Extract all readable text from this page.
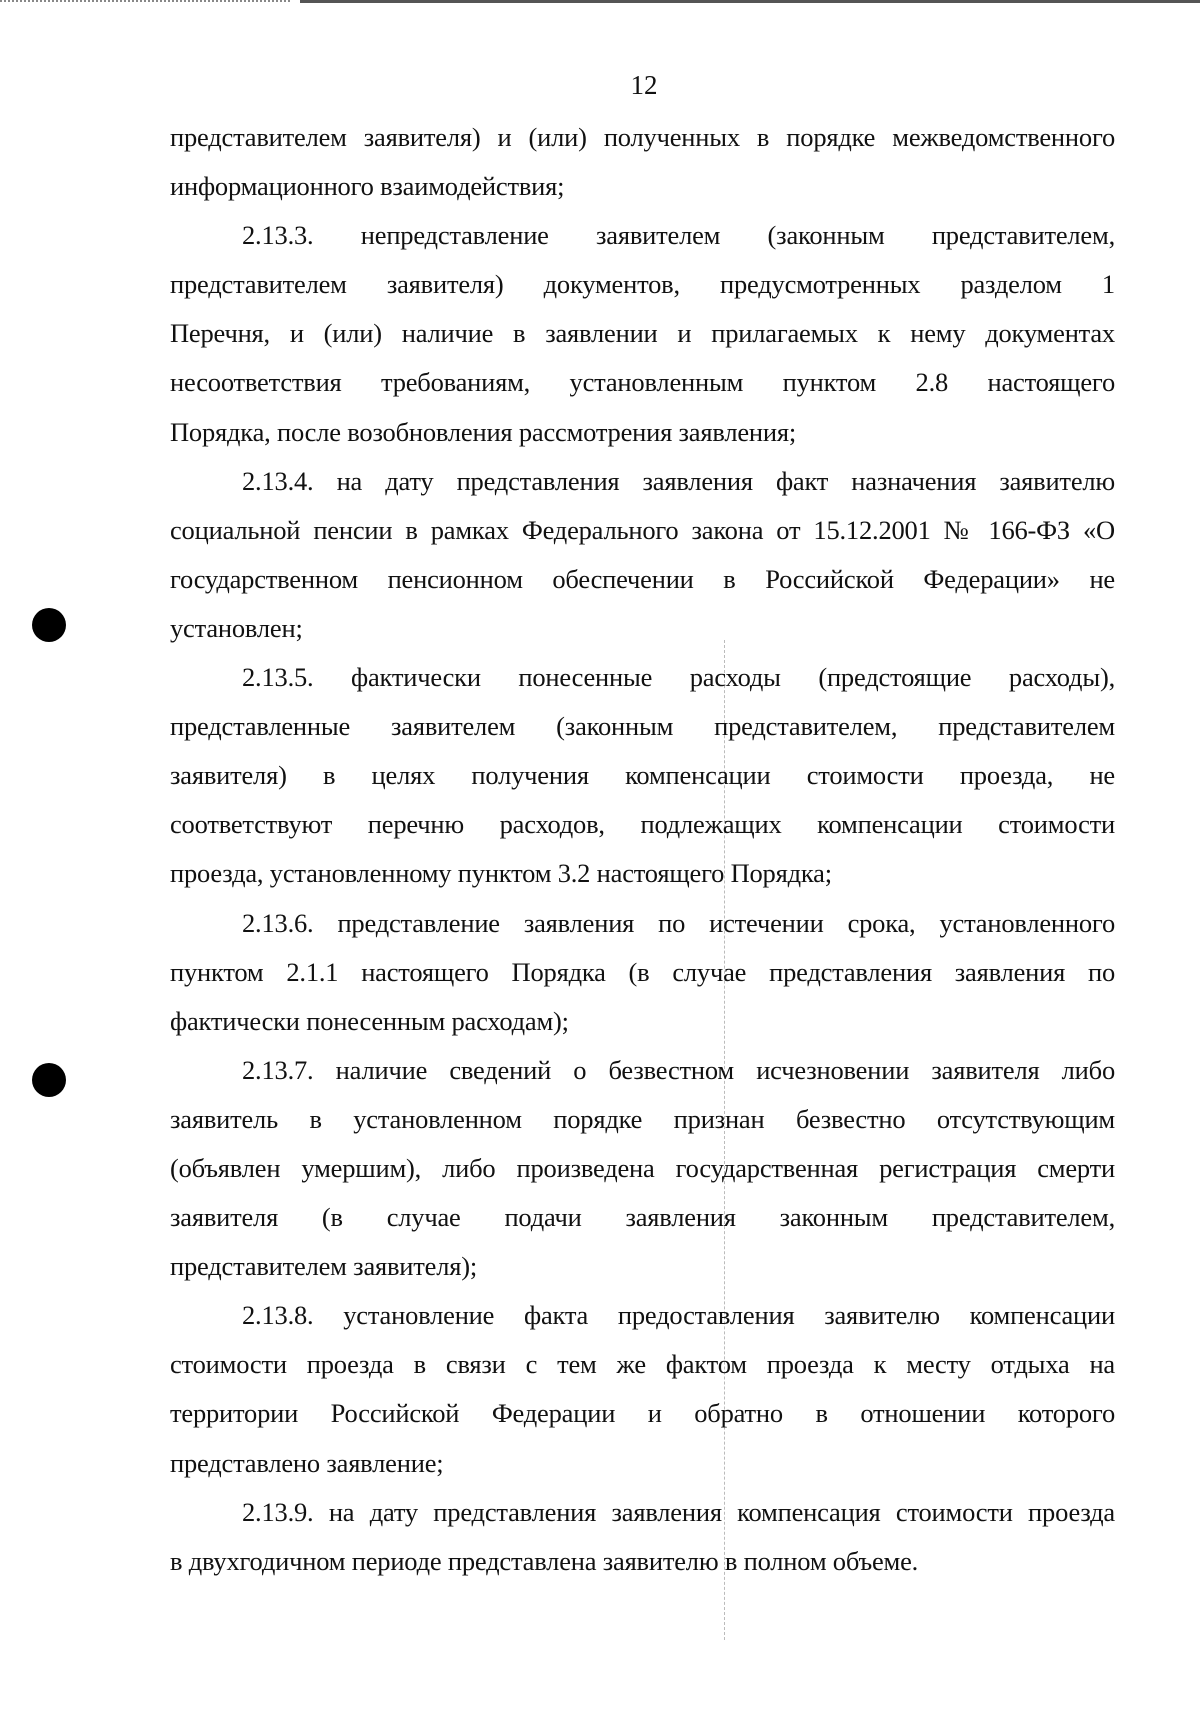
12
представителем заявителя) и (или) полученных в порядке межведомственного
информационного взаимодействия;
2.13.3. непредставление заявителем (законным представителем,
представителем заявителя) документов, предусмотренных разделом 1
Перечня, и (или) наличие в заявлении и прилагаемых к нему документах
несоответствия требованиям, установленным пунктом 2.8 настоящего
Порядка, после возобновления рассмотрения заявления;
2.13.4. на дату представления заявления факт назначения заявителю
социальной пенсии в рамках Федерального закона от 15.12.2001 № 166-ФЗ «О
государственном пенсионном обеспечении в Российской Федерации» не
установлен;
2.13.5. фактически понесенные расходы (предстоящие расходы),
представленные заявителем (законным представителем, представителем
заявителя) в целях получения компенсации стоимости проезда, не
соответствуют перечню расходов, подлежащих компенсации стоимости
проезда, установленному пунктом 3.2 настоящего Порядка;
2.13.6. представление заявления по истечении срока, установленного
пунктом 2.1.1 настоящего Порядка (в случае представления заявления по
фактически понесенным расходам);
2.13.7. наличие сведений о безвестном исчезновении заявителя либо
заявитель в установленном порядке признан безвестно отсутствующим
(объявлен умершим), либо произведена государственная регистрация смерти
заявителя (в случае подачи заявления законным представителем,
представителем заявителя);
2.13.8. установление факта предоставления заявителю компенсации
стоимости проезда в связи с тем же фактом проезда к месту отдыха на
территории Российской Федерации и обратно в отношении которого
представлено заявление;
2.13.9. на дату представления заявления компенсация стоимости проезда
в двухгодичном периоде представлена заявителю в полном объеме.
